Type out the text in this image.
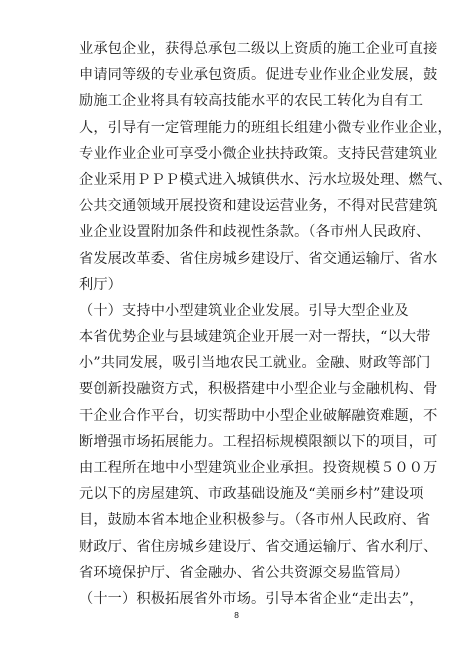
业承包企业，获得总承包二级以上资质的施工企业可直接
申请同等级的专业承包资质。促进专业作业企业发展，鼓
励施工企业将具有较高技能水平的农民工转化为自有工
人，引导有一定管理能力的班组长组建小微专业作业企业，
专业作业企业可享受小微企业扶持政策。支持民营建筑业
企业采用ＰＰＰ模式进入城镇供水、污水垃圾处理、燃气、
公共交通领域开展投资和建设运营业务，不得对民营建筑
业企业设置附加条件和歧视性条款。（各市州人民政府、
省发展改革委、省住房城乡建设厅、省交通运输厅、省水
利厅）
（十）支持中小型建筑业企业发展。引导大型企业及
本省优势企业与县域建筑企业开展一对一帮扶，“以大带
小”共同发展，吸引当地农民工就业。金融、财政等部门
要创新投融资方式，积极搭建中小型企业与金融机构、骨
干企业合作平台，切实帮助中小型企业破解融资难题，不
断增强市场拓展能力。工程招标规模限额以下的项目，可
由工程所在地中小型建筑业企业承担。投资规模５００万
元以下的房屋建筑、市政基础设施及“美丽乡村”建设项
目，鼓励本省本地企业积极参与。（各市州人民政府、省
财政厅、省住房城乡建设厅、省交通运输厅、省水利厅、
省环境保护厅、省金融办、省公共资源交易监管局）
（十一）积极拓展省外市场。引导本省企业“走出去”，
8
